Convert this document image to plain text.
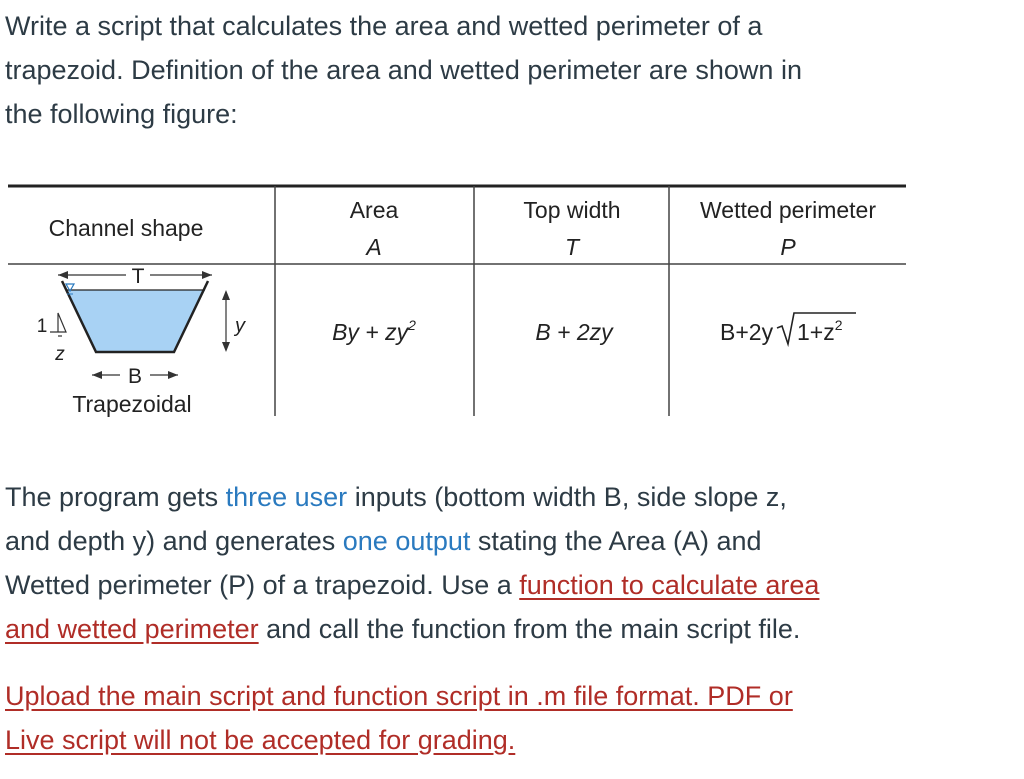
Write a script that calculates the area and wetted perimeter of a
trapezoid. Definition of the area and wetted perimeter are shown in
the following figure:

Channel shape
Area
A
Top width
T
Wetted perimeter
P
T
1
z
y
B
Trapezoidal
$By + zy^2$	B + 2zy	B+2y $1+z^2$

The program gets three user inputs (bottom width B, side slope z,
and depth y) and generates one output stating the Area (A) and
Wetted perimeter (P) of a trapezoid. Use a function to calculate area
and wetted perimeter and call the function from the main script file.

Upload the main script and function script in .m file format. PDF or
Live script will not be accepted for grading.
